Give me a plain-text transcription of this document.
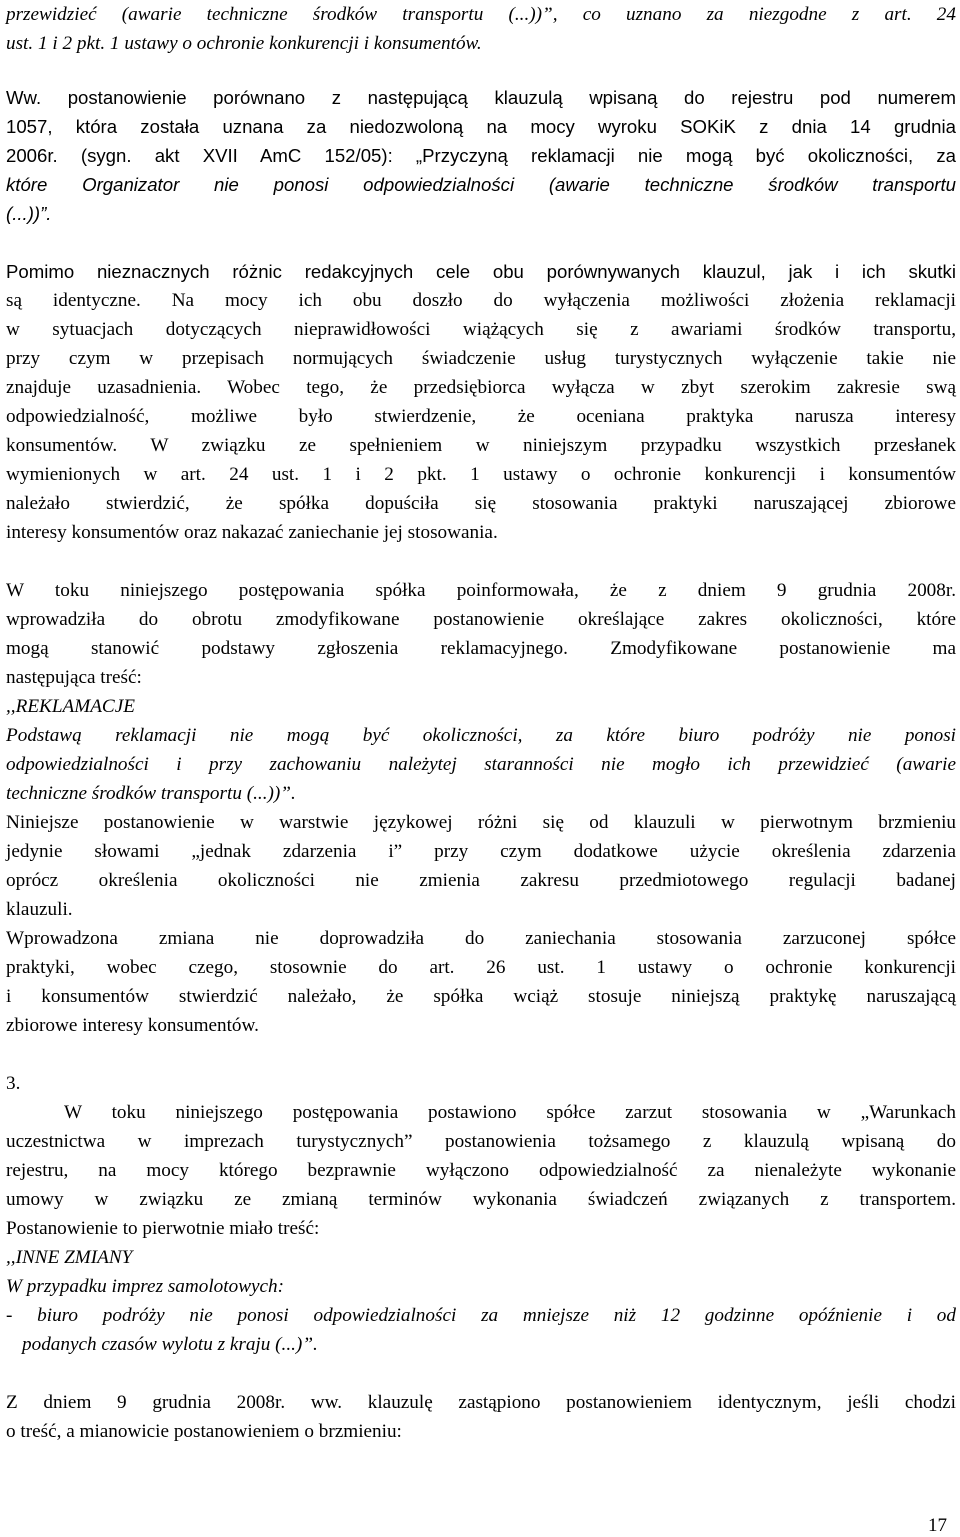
przewidzieć (awarie techniczne środków transportu (...))”, co uznano za niezgodne z art. 24
ust. 1 i 2 pkt. 1 ustawy o ochronie konkurencji i konsumentów.
Ww. postanowienie porównano z następującą klauzulą wpisaną do rejestru pod numerem
1057, która została uznana za niedozwoloną na mocy wyroku SOKiK z dnia 14 grudnia
2006r. (sygn. akt XVII AmC 152/05): „Przyczyną reklamacji nie mogą być okoliczności, za
które Organizator nie ponosi odpowiedzialności (awarie techniczne środków transportu
(...))”.
Pomimo nieznacznych różnic redakcyjnych cele obu porównywanych klauzul, jak i ich skutki
są identyczne. Na mocy ich obu doszło do wyłączenia możliwości złożenia reklamacji
w sytuacjach dotyczących nieprawidłowości wiążących się z awariami środków transportu,
przy czym w przepisach normujących świadczenie usług turystycznych wyłączenie takie nie
znajduje uzasadnienia. Wobec tego, że przedsiębiorca wyłącza w zbyt szerokim zakresie swą
odpowiedzialność, możliwe było stwierdzenie, że oceniana praktyka narusza interesy
konsumentów. W związku ze spełnieniem w niniejszym przypadku wszystkich przesłanek
wymienionych w art. 24 ust. 1 i 2 pkt. 1 ustawy o ochronie konkurencji i konsumentów
należało stwierdzić, że spółka dopuściła się stosowania praktyki naruszającej zbiorowe
interesy konsumentów oraz nakazać zaniechanie jej stosowania.
W toku niniejszego postępowania spółka poinformowała, że z dniem 9 grudnia 2008r.
wprowadziła do obrotu zmodyfikowane postanowienie określające zakres okoliczności, które
mogą stanowić podstawy zgłoszenia reklamacyjnego. Zmodyfikowane postanowienie ma
następująca treść:
,,REKLAMACJE
Podstawą reklamacji nie mogą być okoliczności, za które biuro podróży nie ponosi
odpowiedzialności i przy zachowaniu należytej staranności nie mogło ich przewidzieć (awarie
techniczne środków transportu (...))”.
Niniejsze postanowienie w warstwie językowej różni się od klauzuli w pierwotnym brzmieniu
jedynie słowami „jednak zdarzenia i” przy czym dodatkowe użycie określenia zdarzenia
oprócz określenia okoliczności nie zmienia zakresu przedmiotowego regulacji badanej
klauzuli.
Wprowadzona zmiana nie doprowadziła do zaniechania stosowania zarzuconej spółce
praktyki, wobec czego, stosownie do art. 26 ust. 1 ustawy o ochronie konkurencji
i konsumentów stwierdzić należało, że spółka wciąż stosuje niniejszą praktykę naruszającą
zbiorowe interesy konsumentów.
3.
W toku niniejszego postępowania postawiono spółce zarzut stosowania w „Warunkach
uczestnictwa w imprezach turystycznych” postanowienia tożsamego z klauzulą wpisaną do
rejestru, na mocy którego bezprawnie wyłączono odpowiedzialność za nienależyte wykonanie
umowy w związku ze zmianą terminów wykonania świadczeń związanych z transportem.
Postanowienie to pierwotnie miało treść:
,,INNE ZMIANY
W przypadku imprez samolotowych:
- biuro podróży nie ponosi odpowiedzialności za mniejsze niż 12 godzinne opóźnienie i od
podanych czasów wylotu z kraju (...)”.
Z dniem 9 grudnia 2008r. ww. klauzulę zastąpiono postanowieniem identycznym, jeśli chodzi
o treść, a mianowicie postanowieniem o brzmieniu:
17
